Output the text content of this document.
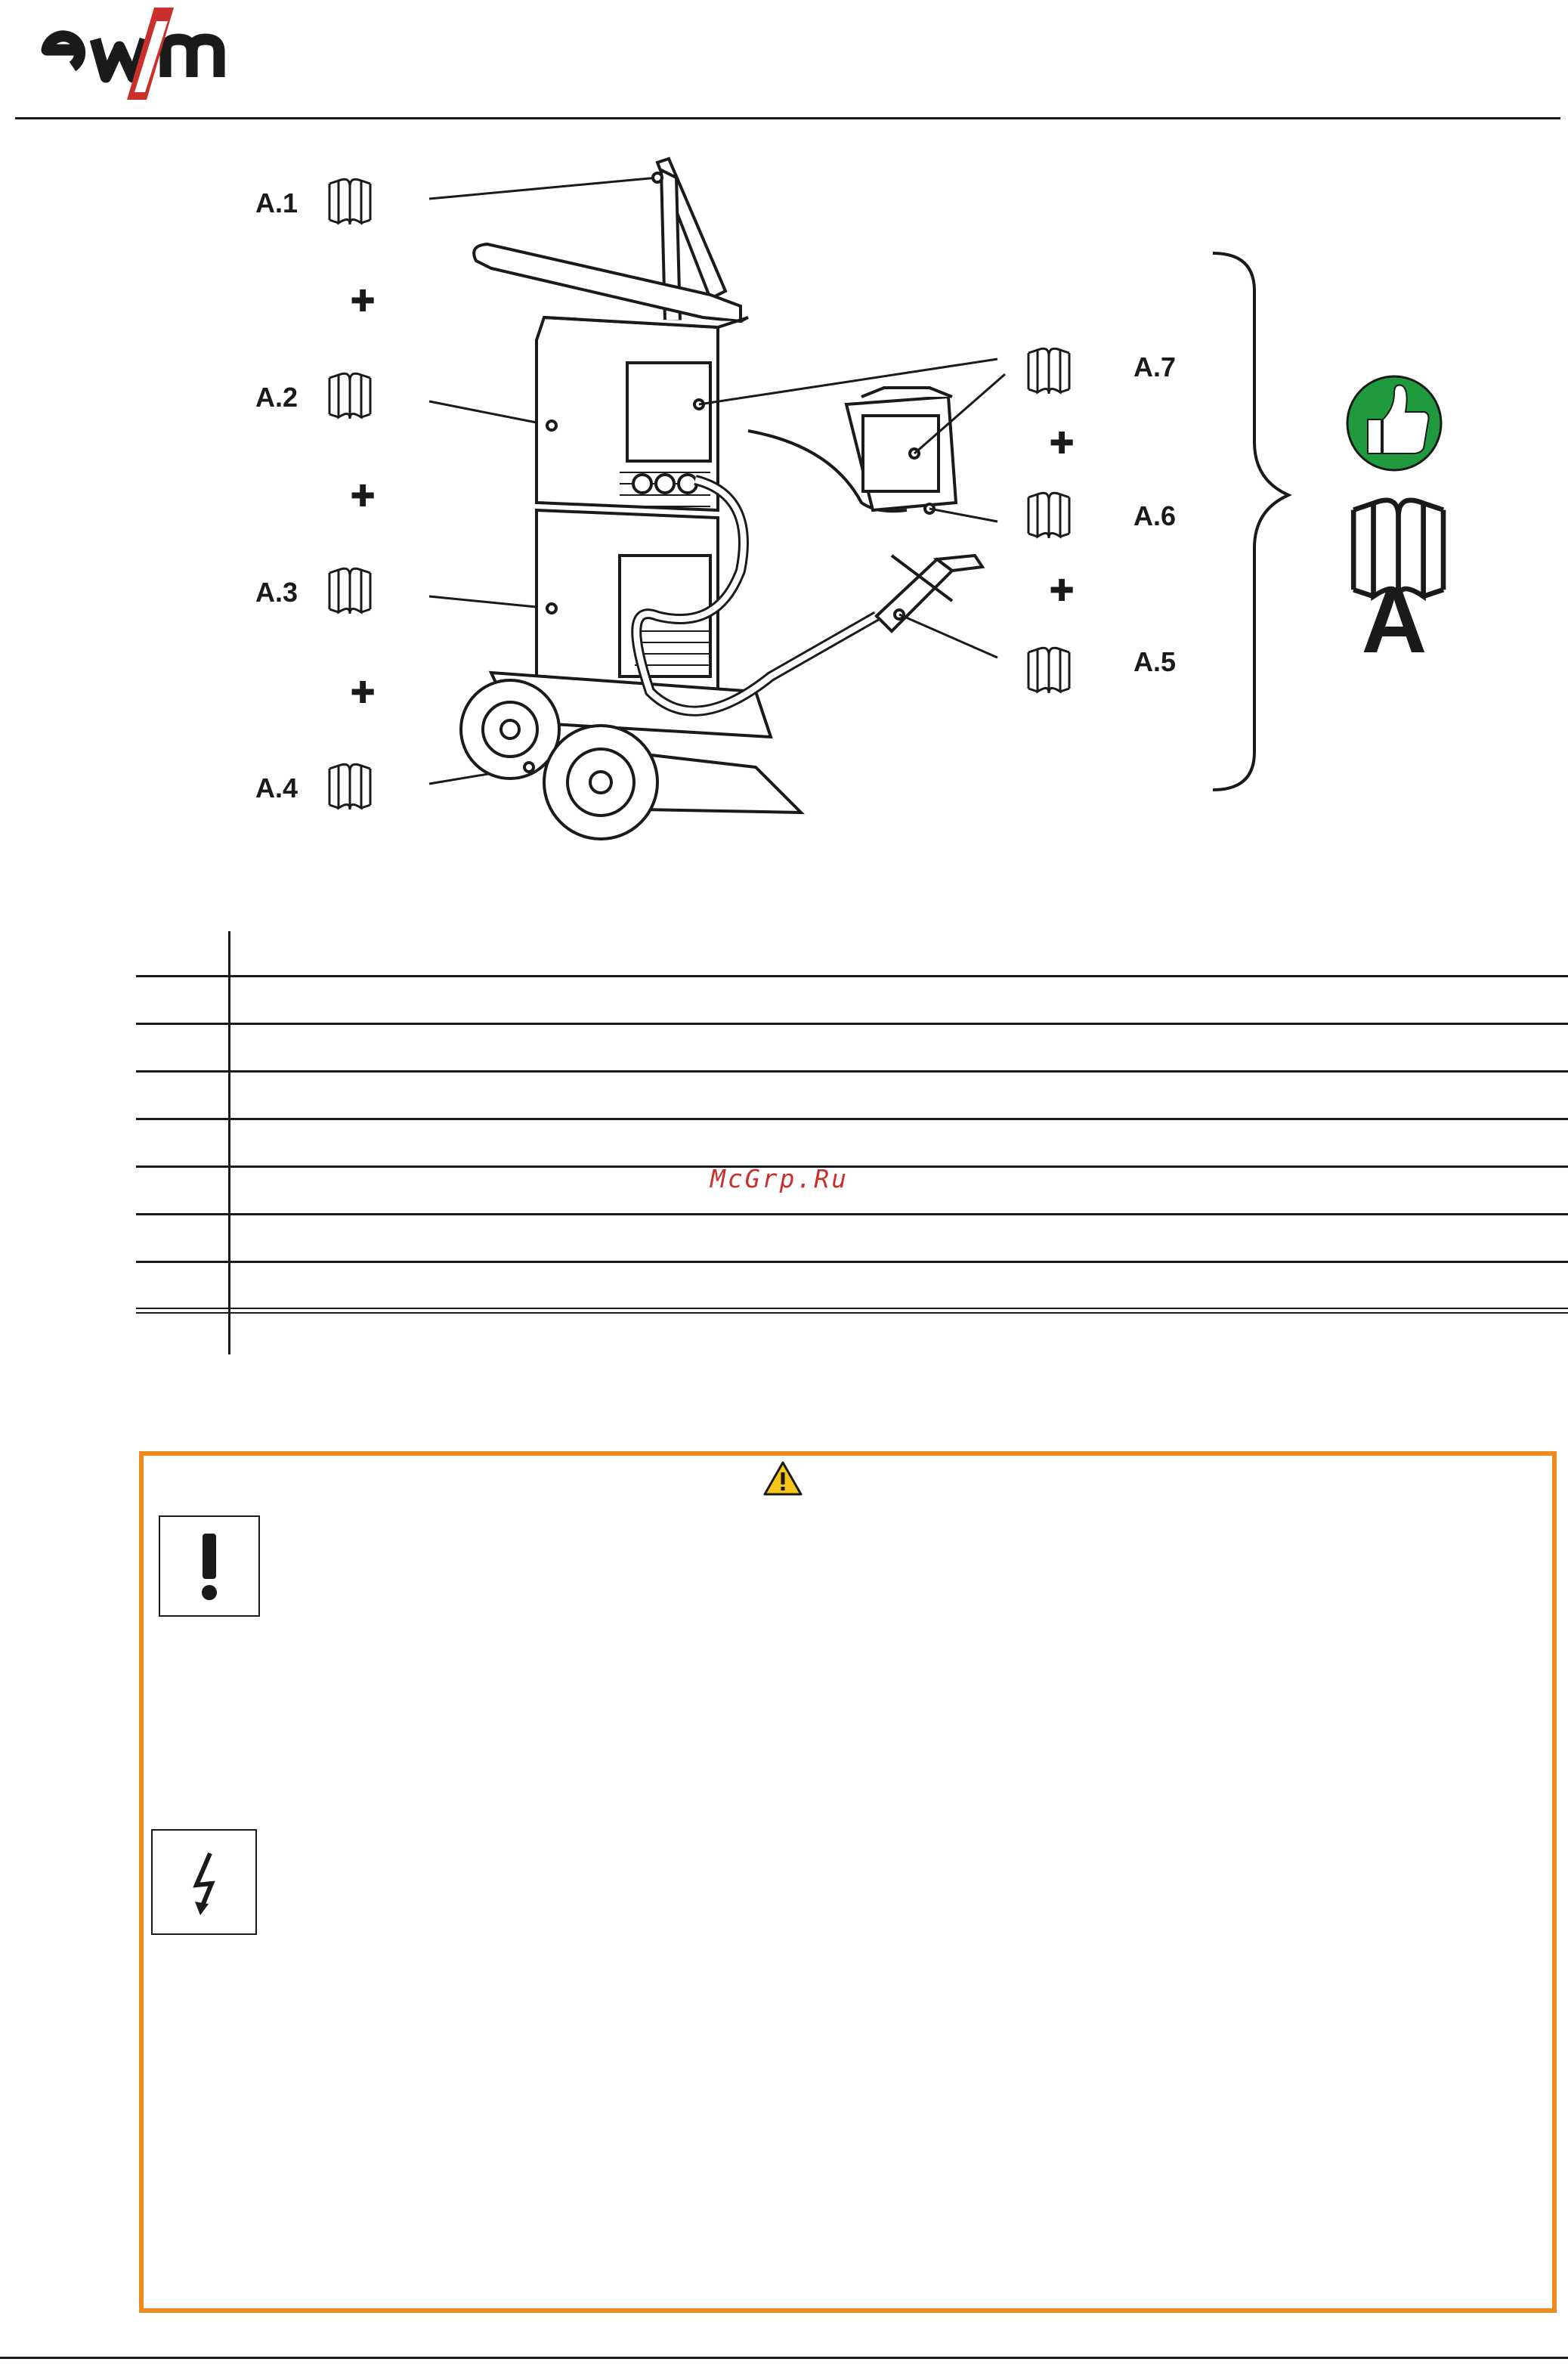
A.1
A.2
A.3
A.4
✚
✚
✚
A.7
A.6
A.5
✚
✚	A
McGrp.Ru
